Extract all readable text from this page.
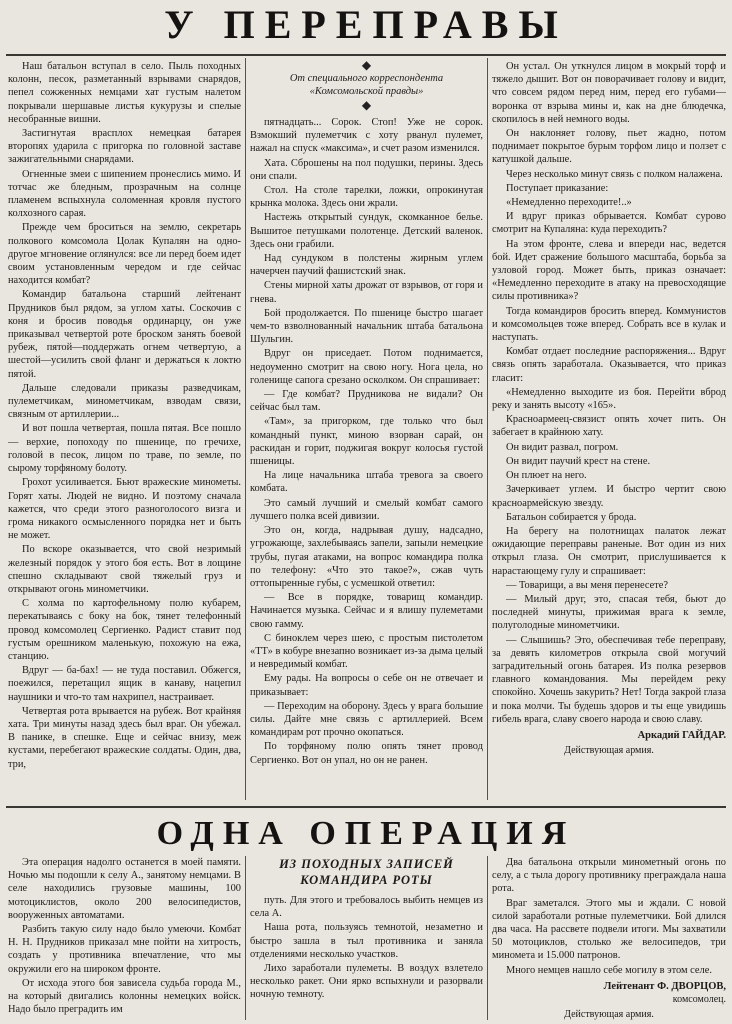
У ПЕРЕПРАВЫ

Наш батальон вступал в село. Пыль походных колонн, песок, разметанный взрывами снарядов, пепел сожженных немцами хат густым налетом покрывали шершавые листья кукурузы и спелые несобранные вишни.

Застигнутая врасплох немецкая батарея второпях ударила с пригорка по головной заставе зажигательными снарядами.

Огненные змеи с шипением пронеслись мимо. И тотчас же бледным, прозрачным на солнце пламенем вспыхнула соломенная кровля пустого колхозного сарая.

Прежде чем броситься на землю, секретарь полкового комсомола Цолак Купалян на одно-другое мгновение оглянулся: все ли перед боем идет своим установленным чередом и где сейчас находится комбат?

Командир батальона старший лейтенант Прудников был рядом, за углом хаты. Соскочив с коня и бросив поводья ординарцу, он уже приказывал четвертой роте броском занять боевой рубеж, пятой—поддержать огнем четвертую, а шестой—усилить свой фланг и держаться к локтю пятой.

Дальше следовали приказы разведчикам, пулеметчикам, минометчикам, взводам связи, связным от артиллерии...

И вот пошла четвертая, пошла пятая. Все пошло — верхие, попоходу по пшенице, по гречихе, головой в песок, лицом по траве, по земле, по сырому торфяному болоту.

Грохот усиливается. Бьют вражеские минометы. Горят хаты. Людей не видно. И поэтому сначала кажется, что среди этого разноголосого визга и грома никакого осмысленного порядка нет и быть не может.

По вскоре оказывается, что свой незримый железный порядок у этого боя есть. Вот в лощине спешно складывают свой тяжелый груз и открывают огонь минометчики.

С холма по картофельному полю кубарем, перекатываясь с боку на бок, тянет телефонный провод комсомолец Сергиенко. Радист ставит под густым орешником маленькую, похожую на ежа, станцию.

Вдруг — ба-бах! — не туда поставил. Обжегся, поежился, перетащил ящик в канаву, нацепил наушники и что-то там нахрипел, настраивает.

Четвертая рота врывается на рубеж. Вот крайняя хата. Три минуты назад здесь был враг. Он убежал. В панике, в спешке. Еще и сейчас внизу, меж кустами, перебегают вражеские солдаты. Один, два, три,

◆
От специального корреспондента
«Комсомольской правды»
◆

пятнадцать... Сорок. Стоп! Уже не сорок. Взмокший пулеметчик с хоту рванул пулемет, нажал на спуск «максима», и счет разом изменился.

Хата. Сброшены на пол подушки, перины. Здесь они спали.

Стол. На столе тарелки, ложки, опрокинутая крынка молока. Здесь они жрали.

Настежь открытый сундук, скомканное белье. Вышитое петушками полотенце. Детский валенок. Здесь они грабили.

Над сундуком в полстены жирным углем начерчен паучий фашистский знак.

Стены мирной хаты дрожат от взрывов, от горя и гнева.

Бой продолжается. По пшенице быстро шагает чем-то взволнованный начальник штаба батальона Шульгин.

Вдруг он приседает. Потом поднимается, недоуменно смотрит на свою ногу. Нога цела, но голенище сапога срезано осколком. Он спрашивает:

— Где комбат? Прудникова не видали? Он сейчас был там.

«Там», за пригорком, где только что был командный пункт, миною взорван сарай, он раскидан и горит, поджигая вокруг колосья густой пшеницы.

На лице начальника штаба тревога за своего комбата.

Это самый лучший и смелый комбат самого лучшего полка всей дивизии.

Это он, когда, надрывая душу, надсадно, угрожающе, захлебываясь запели, запыли немецкие трубы, пугая атаками, на вопрос командира полка по телефону: «Что это такое?», сжав чуть оттопыренные губы, с усмешкой ответил:

— Все в порядке, товарищ командир. Начинается музыка. Сейчас и я влишу пулеметами свою гамму.

С биноклем через шею, с простым пистолетом «ТТ» в кобуре внезапно возникает из-за дыма целый и невредимый комбат.

Ему рады. На вопросы о себе он не отвечает и приказывает:

— Переходим на оборону. Здесь у врага большие силы. Дайте мне связь с артиллерией. Всем командирам рот прочно окопаться.

По торфяному полю опять тянет провод Сергиенко. Вот он упал, но он не ранен.

Он устал. Он уткнулся лицом в мокрый торф и тяжело дышит. Вот он поворачивает голову и видит, что совсем рядом перед ним, перед его губами—воронка от взрыва мины и, как на дне блюдечка, скопилось в ней немного воды.

Он наклоняет голову, пьет жадно, потом поднимает покрытое бурым торфом лицо и ползет с катушкой дальше.

Через несколько минут связь с полком налажена.

Поступает приказание:

«Немедленно переходите!..»

И вдруг приказ обрывается. Комбат сурово смотрит на Купаляна: куда переходить?

На этом фронте, слева и впереди нас, ведется бой. Идет сражение большого масштаба, борьба за узловой город. Может быть, приказ означает: «Немедленно переходите в атаку на превосходящие силы противника»?

Тогда командиров бросить вперед. Коммунистов и комсомольцев тоже вперед. Собрать все в кулак и наступать.

Комбат отдает последние распоряжения... Вдруг связь опять заработала. Оказывается, что приказ гласит:

«Немедленно выходите из боя. Перейти вброд реку и занять высоту «165».

Красноармеец-связист опять хочет пить. Он забегает в крайнюю хату.

Он видит развал, погром.

Он видит паучий крест на стене.

Он плюет на него.

Зачеркивает углем. И быстро чертит свою красноармейскую звезду.

Батальон собирается у брода.

На берегу на полотнищах палаток лежат ожидающие переправы раненые. Вот один из них открыл глаза. Он смотрит, прислушивается к нарастающему гулу и спрашивает:

— Товарищи, а вы меня перенесете?

— Милый друг, это, спасая тебя, бьют до последней минуты, прижимая врага к земле, полуголодные минометчики.

— Слышишь? Это, обеспечивая тебе переправу, за девять километров открыла свой могучий заградительный огонь батарея. Из полка резервов главного командования. Мы перейдем реку спокойно. Хочешь закурить? Нет! Тогда закрой глаза и пока молчи. Ты будешь здоров и ты еще увидишь гибель врага, славу своего народа и свою славу.

Аркадий ГАЙДАР.
Действующая армия.
ОДНА ОПЕРАЦИЯ

Эта операция надолго останется в моей памяти. Ночью мы подошли к селу А., занятому немцами. В селе находились грузовые машины, 100 мотоциклистов, около 200 велосипедистов, вооруженных автоматами.

Разбить такую силу надо было умеючи. Комбат Н. Н. Прудников приказал мне пойти на хитрость, создать у противника впечатление, что мы окружили его на широком фронте.

От исхода этого боя зависела судьба города М., на который двигались колонны немецких войск. Надо было преградить им

ИЗ ПОХОДНЫХ ЗАПИСЕЙ
КОМАНДИРА РОТЫ

путь. Для этого и требовалось выбить немцев из села А.

Наша рота, пользуясь темнотой, незаметно и быстро зашла в тыл противника и заняла отделениями несколько участков.

Лихо заработали пулеметы. В воздух взлетело несколько ракет. Они ярко вспыхнули и разорвали ночную темноту.

Два батальона открыли минометный огонь по селу, а с тыла дорогу противнику преграждала наша рота.

Враг заметался. Этого мы и ждали. С новой силой заработали ротные пулеметчики. Бой длился два часа. На рассвете подвели итоги. Мы захватили 50 мотоциклов, столько же велосипедов, три миномета и 15.000 патронов.

Много немцев нашло себе могилу в этом селе.

Лейтенант Ф. ДВОРЦОВ,
комсомолец.
Действующая армия.
